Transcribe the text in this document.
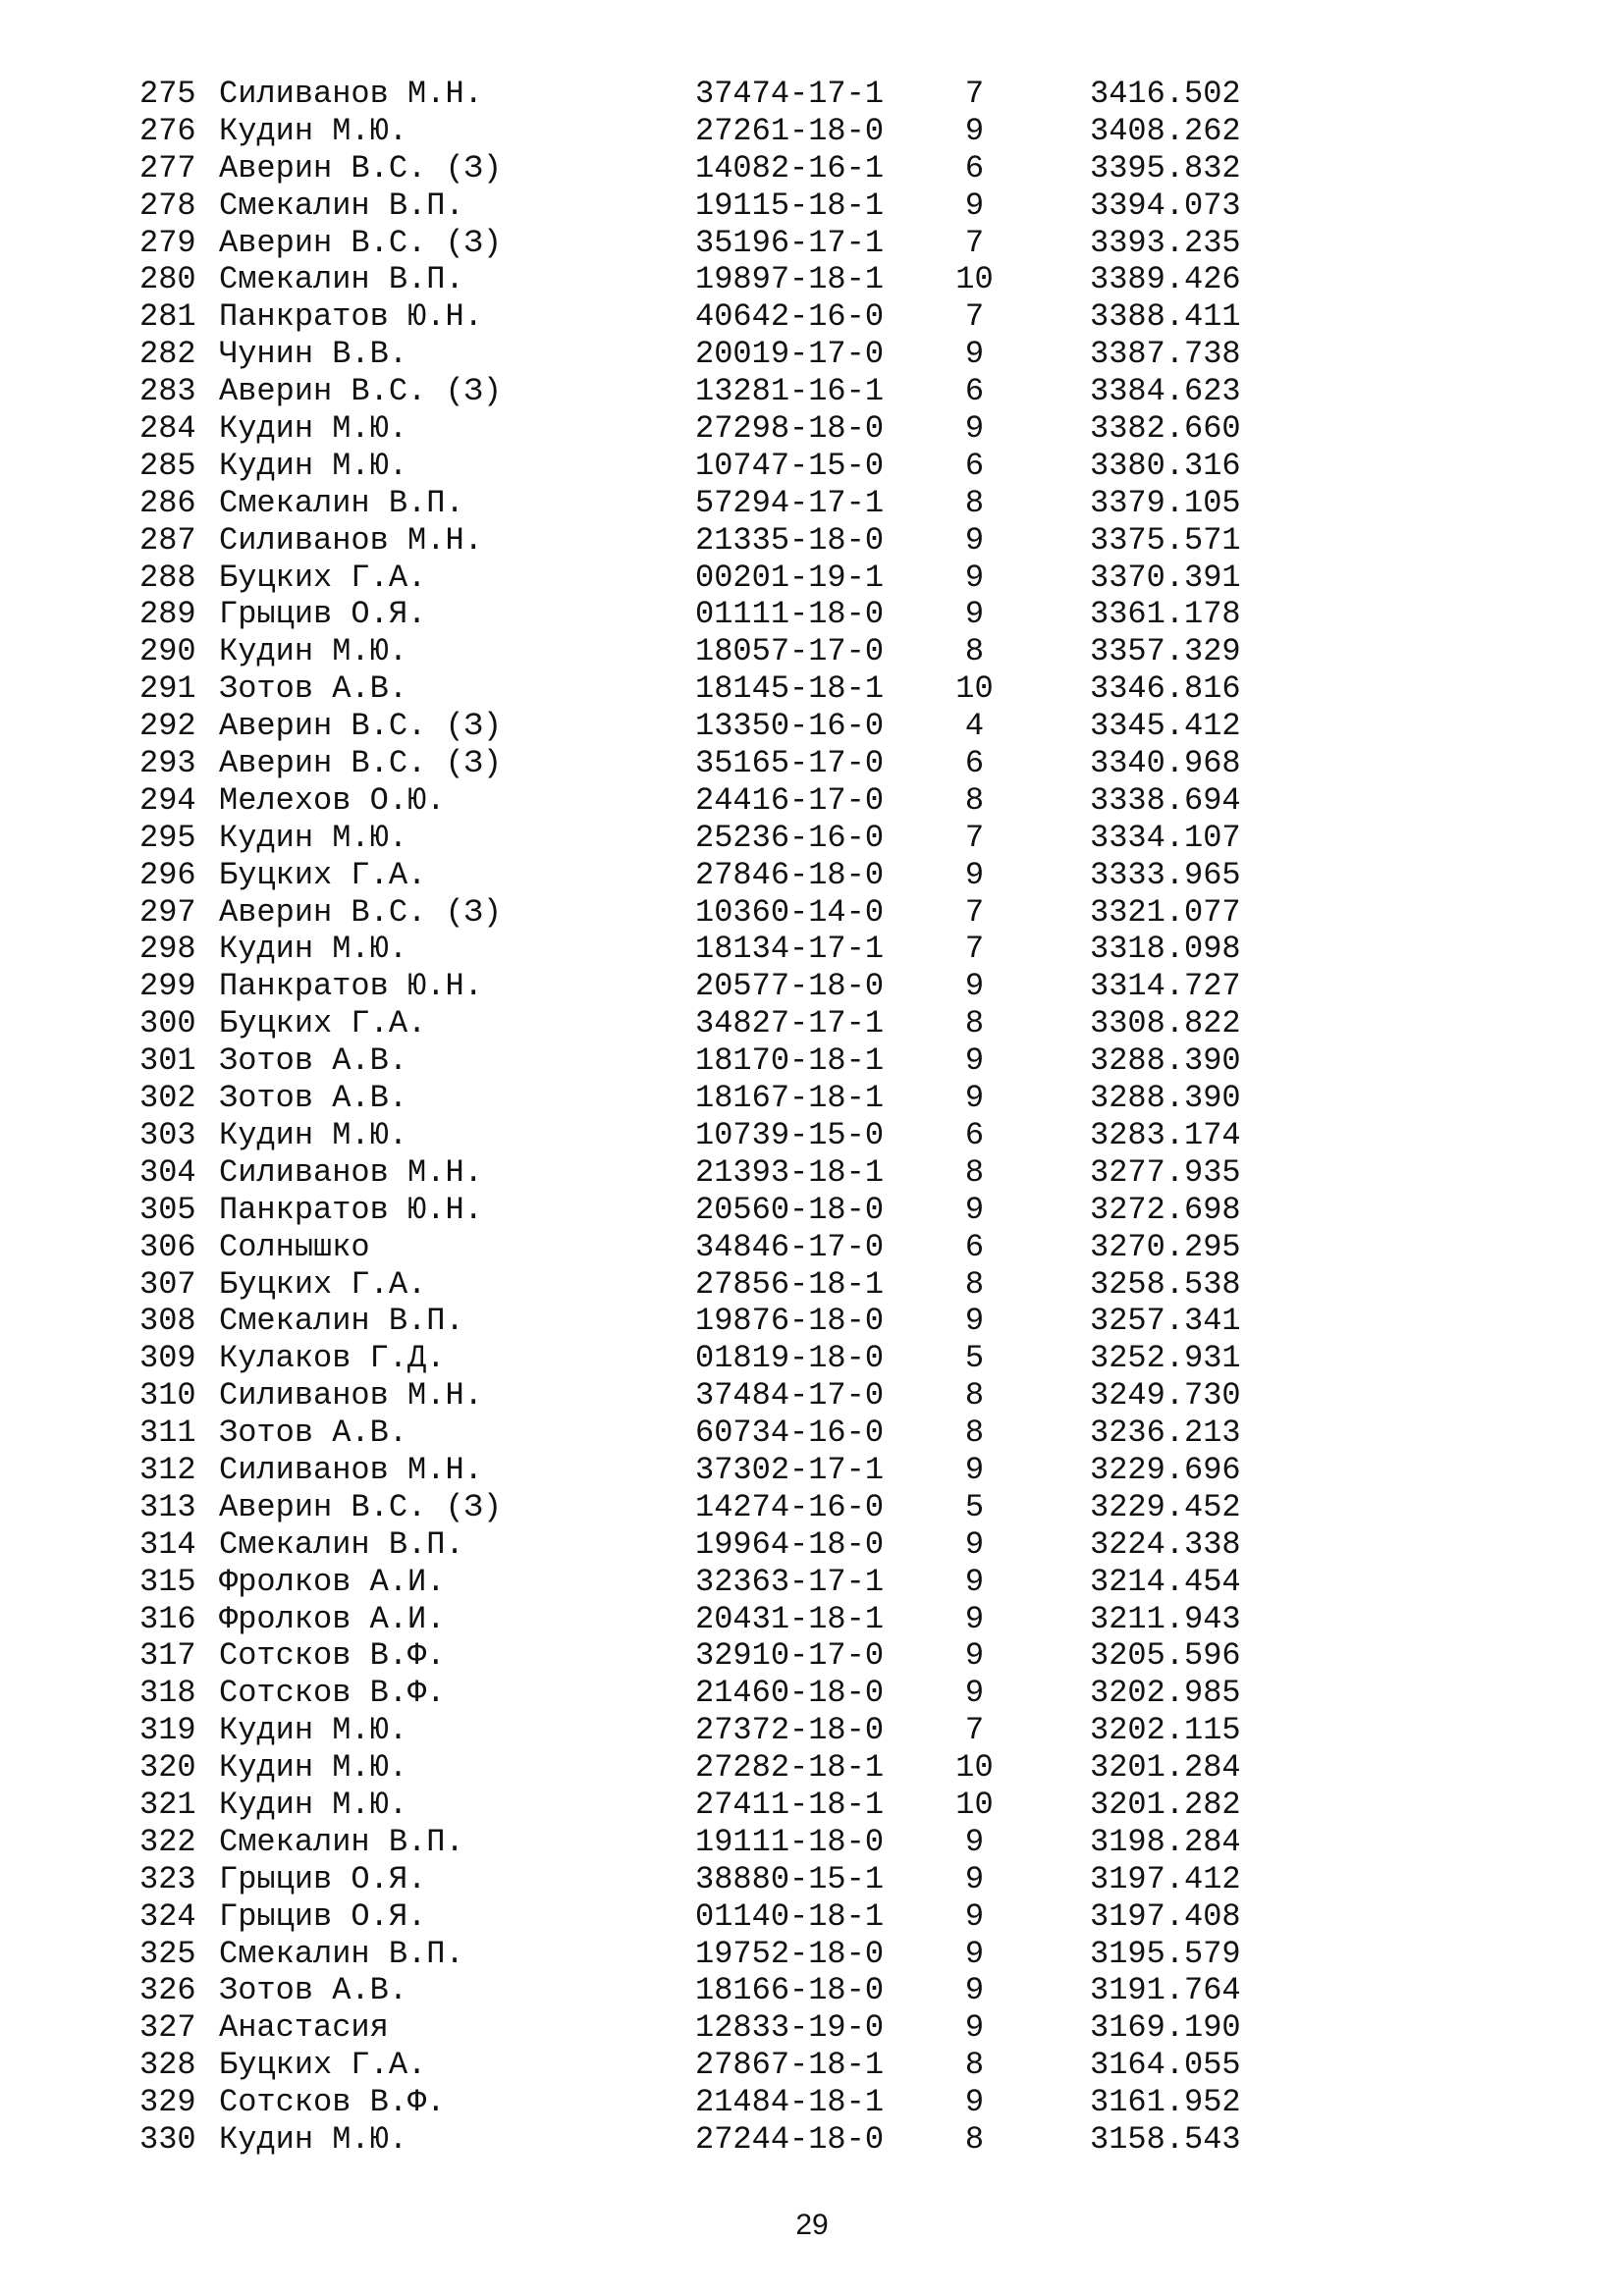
275 Силиванов М.Н.	37474-17-1	7	3416.502
276 Кудин М.Ю.	27261-18-0	9	3408.262
277 Аверин В.С. (З)	14082-16-1	6	3395.832
278 Смекалин В.П.	19115-18-1	9	3394.073
279 Аверин В.С. (З)	35196-17-1	7	3393.235
280 Смекалин В.П.	19897-18-1	10	3389.426
281 Панкратов Ю.Н.	40642-16-0	7	3388.411
282 Чунин В.В.	20019-17-0	9	3387.738
283 Аверин В.С. (З)	13281-16-1	6	3384.623
284 Кудин М.Ю.	27298-18-0	9	3382.660
285 Кудин М.Ю.	10747-15-0	6	3380.316
286 Смекалин В.П.	57294-17-1	8	3379.105
287 Силиванов М.Н.	21335-18-0	9	3375.571
288 Буцких Г.А.	00201-19-1	9	3370.391
289 Грыцив О.Я.	01111-18-0	9	3361.178
290 Кудин М.Ю.	18057-17-0	8	3357.329
291 Зотов А.В.	18145-18-1	10	3346.816
292 Аверин В.С. (З)	13350-16-0	4	3345.412
293 Аверин В.С. (З)	35165-17-0	6	3340.968
294 Мелехов О.Ю.	24416-17-0	8	3338.694
295 Кудин М.Ю.	25236-16-0	7	3334.107
296 Буцких Г.А.	27846-18-0	9	3333.965
297 Аверин В.С. (З)	10360-14-0	7	3321.077
298 Кудин М.Ю.	18134-17-1	7	3318.098
299 Панкратов Ю.Н.	20577-18-0	9	3314.727
300 Буцких Г.А.	34827-17-1	8	3308.822
301 Зотов А.В.	18170-18-1	9	3288.390
302 Зотов А.В.	18167-18-1	9	3288.390
303 Кудин М.Ю.	10739-15-0	6	3283.174
304 Силиванов М.Н.	21393-18-1	8	3277.935
305 Панкратов Ю.Н.	20560-18-0	9	3272.698
306 Солнышко	34846-17-0	6	3270.295
307 Буцких Г.А.	27856-18-1	8	3258.538
308 Смекалин В.П.	19876-18-0	9	3257.341
309 Кулаков Г.Д.	01819-18-0	5	3252.931
310 Силиванов М.Н.	37484-17-0	8	3249.730
311 Зотов А.В.	60734-16-0	8	3236.213
312 Силиванов М.Н.	37302-17-1	9	3229.696
313 Аверин В.С. (З)	14274-16-0	5	3229.452
314 Смекалин В.П.	19964-18-0	9	3224.338
315 Фролков А.И.	32363-17-1	9	3214.454
316 Фролков А.И.	20431-18-1	9	3211.943
317 Сотсков В.Ф.	32910-17-0	9	3205.596
318 Сотсков В.Ф.	21460-18-0	9	3202.985
319 Кудин М.Ю.	27372-18-0	7	3202.115
320 Кудин М.Ю.	27282-18-1	10	3201.284
321 Кудин М.Ю.	27411-18-1	10	3201.282
322 Смекалин В.П.	19111-18-0	9	3198.284
323 Грыцив О.Я.	38880-15-1	9	3197.412
324 Грыцив О.Я.	01140-18-1	9	3197.408
325 Смекалин В.П.	19752-18-0	9	3195.579
326 Зотов А.В.	18166-18-0	9	3191.764
327 Анастасия	12833-19-0	9	3169.190
328 Буцких Г.А.	27867-18-1	8	3164.055
329 Сотсков В.Ф.	21484-18-1	9	3161.952
330 Кудин М.Ю.	27244-18-0	8	3158.543
29
